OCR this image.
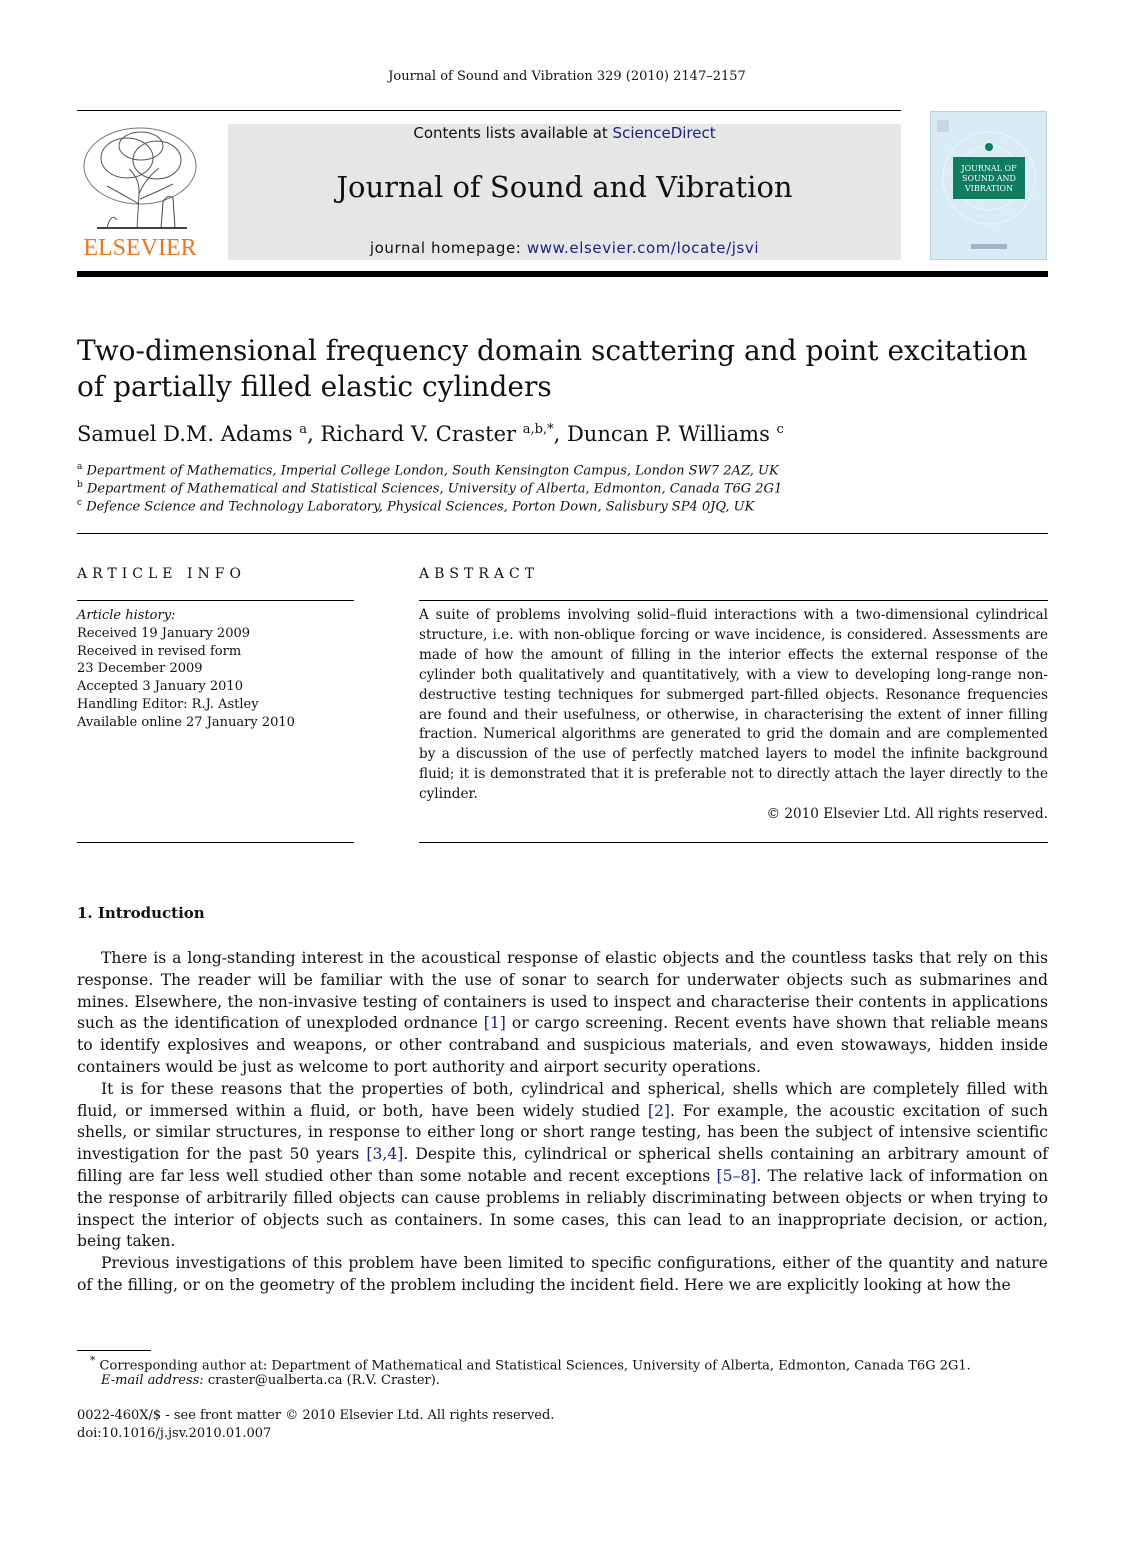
Journal of Sound and Vibration 329 (2010) 2147–2157
ELSEVIER
Contents lists available at ScienceDirect
Journal of Sound and Vibration
journal homepage: www.elsevier.com/locate/jsvi
JOURNAL OF
SOUND AND
VIBRATION
Two-dimensional frequency domain scattering and point excitation
of partially filled elastic cylinders
Samuel D.M. Adams $^a$, Richard V. Craster $^{a,b,*}$, Duncan P. Williams $^c$
$^a$ Department of Mathematics, Imperial College London, South Kensington Campus, London SW7 2AZ, UK
$^b$ Department of Mathematical and Statistical Sciences, University of Alberta, Edmonton, Canada T6G 2G1
$^c$ Defence Science and Technology Laboratory, Physical Sciences, Porton Down, Salisbury SP4 0JQ, UK
ARTICLE INFO	ABSTRACT
Article history:
Received 19 January 2009
Received in revised form
23 December 2009
Accepted 3 January 2010
Handling Editor: R.J. Astley
Available online 27 January 2010
A suite of problems involving solid–fluid interactions with a two-dimensional cylindrical structure, i.e. with non-oblique forcing or wave incidence, is considered. Assessments are made of how the amount of filling in the interior effects the external response of the cylinder both qualitatively and quantitatively, with a view to developing long-range non-destructive testing techniques for submerged part-filled objects. Resonance frequencies are found and their usefulness, or otherwise, in characterising the extent of inner filling fraction. Numerical algorithms are generated to grid the domain and are complemented by a discussion of the use of perfectly matched layers to model the infinite background fluid; it is demonstrated that it is preferable not to directly attach the layer directly to the cylinder.
© 2010 Elsevier Ltd. All rights reserved.
1. Introduction

There is a long-standing interest in the acoustical response of elastic objects and the countless tasks that rely on this response. The reader will be familiar with the use of sonar to search for underwater objects such as submarines and mines. Elsewhere, the non-invasive testing of containers is used to inspect and characterise their contents in applications such as the identification of unexploded ordnance [1] or cargo screening. Recent events have shown that reliable means to identify explosives and weapons, or other contraband and suspicious materials, and even stowaways, hidden inside containers would be just as welcome to port authority and airport security operations.

It is for these reasons that the properties of both, cylindrical and spherical, shells which are completely filled with fluid, or immersed within a fluid, or both, have been widely studied [2]. For example, the acoustic excitation of such shells, or similar structures, in response to either long or short range testing, has been the subject of intensive scientific investigation for the past 50 years [3,4]. Despite this, cylindrical or spherical shells containing an arbitrary amount of filling are far less well studied other than some notable and recent exceptions [5–8]. The relative lack of information on the response of arbitrarily filled objects can cause problems in reliably discriminating between objects or when trying to inspect the interior of objects such as containers. In some cases, this can lead to an inappropriate decision, or action, being taken.

Previous investigations of this problem have been limited to specific configurations, either of the quantity and nature of the filling, or on the geometry of the problem including the incident field. Here we are explicitly looking at how the

* Corresponding author at: Department of Mathematical and Statistical Sciences, University of Alberta, Edmonton, Canada T6G 2G1.
E-mail address: craster@ualberta.ca (R.V. Craster).
0022-460X/$ - see front matter © 2010 Elsevier Ltd. All rights reserved.
doi:10.1016/j.jsv.2010.01.007
